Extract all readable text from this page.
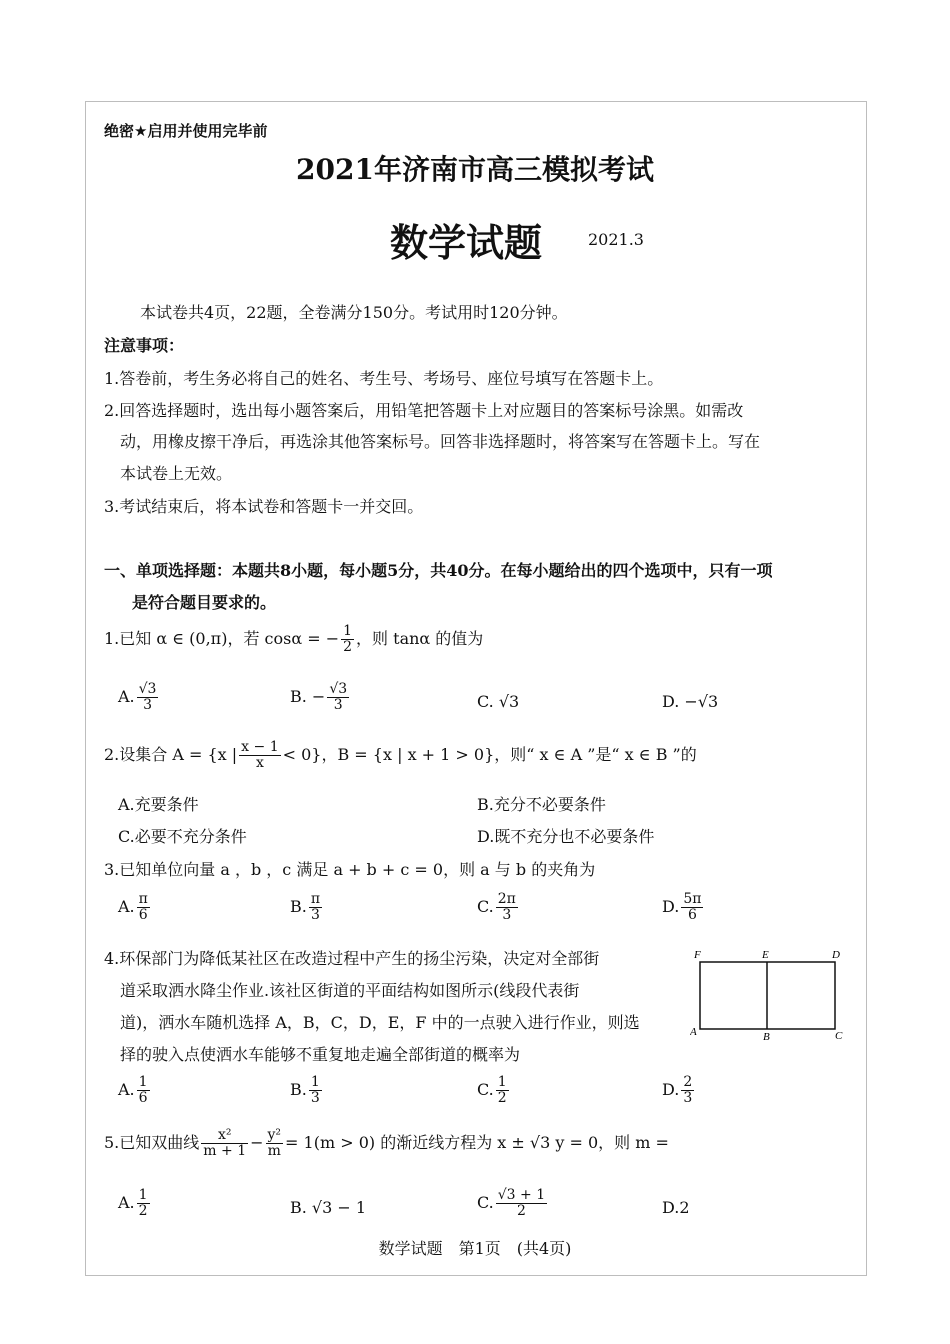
绝密★启用并使用完毕前
2021年济南市高三模拟考试
数学试题	2021.3
本试卷共4页，22题，全卷满分150分。考试用时120分钟。
注意事项：
1.答卷前，考生务必将自己的姓名、考生号、考场号、座位号填写在答题卡上。
2.回答选择题时，选出每小题答案后，用铅笔把答题卡上对应题目的答案标号涂黑。如需改
动，用橡皮擦干净后，再选涂其他答案标号。回答非选择题时，将答案写在答题卡上。写在
本试卷上无效。
3.考试结束后，将本试卷和答题卡一并交回。
一、单项选择题：本题共8小题，每小题5分，共40分。在每小题给出的四个选项中，只有一项
是符合题目要求的。
1.已知 α ∈ (0,π)，若 cosα = − $\frac{1}{2}$ ，则 tanα 的值为
A. $\frac{√3}{3}$	B. − $\frac{√3}{3}$	C. √3	D. −√3
2.设集合 A = {x | $\frac{x - 1}{x} < 0$}，B = {x | x + 1 > 0}，则“ x ∈ A ”是“ x ∈ B ”的
A.充要条件	B.充分不必要条件
C.必要不充分条件	D.既不充分也不必要条件
3.已知单位向量 a ，b ，c 满足 a + b + c = 0，则 a 与 b 的夹角为
A. $\frac{\pi}{6}$	B. $\frac{\pi}{3}$	C. $\frac{2\pi}{3}$	D. $\frac{5\pi}{6}$
4.环保部门为降低某社区在改造过程中产生的扬尘污染，决定对全部街
道采取洒水降尘作业.该社区街道的平面结构如图所示(线段代表街
道)，洒水车随机选择 A，B，C，D，E，F 中的一点驶入进行作业，则选
择的驶入点使洒水车能够不重复地走遍全部街道的概率为
F	E	D
A	B	C
A. $\frac{1}{6}$	B. $\frac{1}{3}$	C. $\frac{1}{2}$	D. $\frac{2}{3}$
5.已知双曲线 $\frac{\text{x²}}{m + 1} - \frac{\text{y²}}{m} = 1(m > 0)$ 的渐近线方程为 x ± √3 y = 0，则 m =
A. $\frac{1}{2}$	B. √3 − 1	C. $\frac{√3 + 1}{2}$	D.2
数学试题　第1页　(共4页)
